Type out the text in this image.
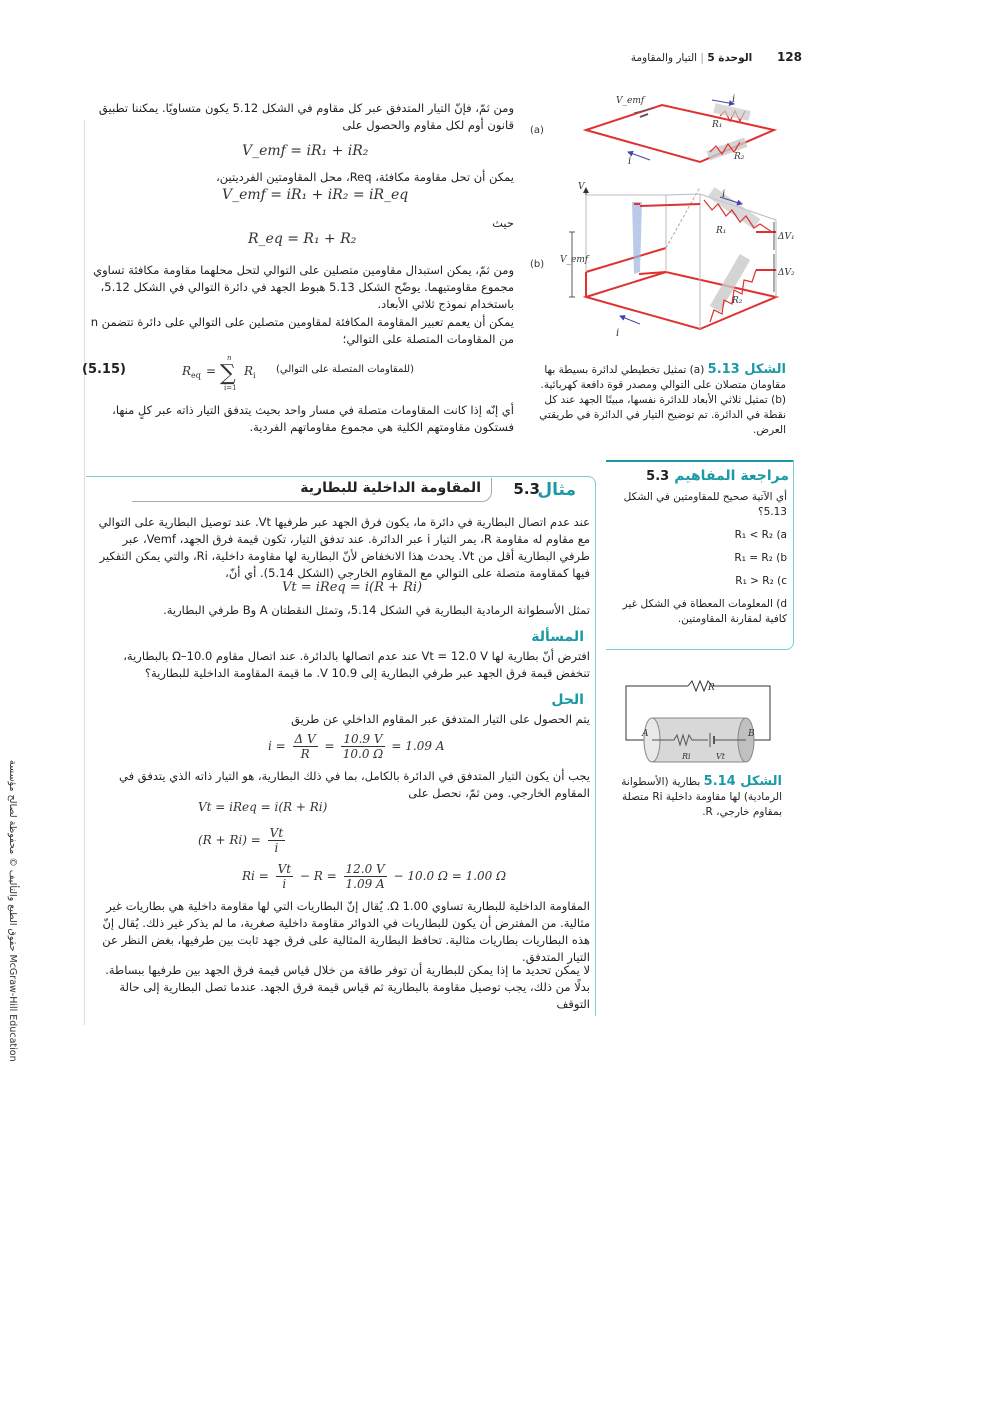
128  الوحدة 5 | التيار والمقاومة
حقوق الطبع والتأليف © محفوظة لصالح مؤسسة McGraw-Hill Education

ومن ثمّ، فإنّ التيار المتدفق عبر كل مقاوم في الشكل 5.12 يكون متساويًا. يمكننا تطبيق قانون أوم لكل مقاوم والحصول على

V_emf = iR₁ + iR₂
يمكن أن تحل مقاومة مكافئة، Req، محل المقاومتين الفرديتين،
V_emf = iR₁ + iR₂ = iR_eq
حيث
R_eq = R₁ + R₂
ومن ثمّ، يمكن استبدال مقاومين متصلين على التوالي لتحل محلهما مقاومة مكافئة تساوي مجموع مقاومتيهما. يوضّح الشكل 5.13 هبوط الجهد في دائرة التوالي في الشكل 5.12، باستخدام نموذج ثلاثي الأبعاد.
يمكن أن يعمم تعبير المقاومة المكافئة لمقاومين متصلين على التوالي على دائرة تتضمن n من المقاومات المتصلة على التوالي؛
(5.15)	R eq = ∑
n
i=1
R i
(للمقاومات المتصلة على التوالي)
أي إنّه إذا كانت المقاومات متصلة في مسار واحد بحيث يتدفق التيار ذاته عبر كلٍ منها، فستكون مقاومتهم الكلية هي مجموع مقاوماتهم الفردية.
(a)
(b)
V_emf	i
R₁
R₂
i
V
V_emf
i
R₁
R₂
i
ΔV₁
ΔV₂
الشكل 5.13 (a) تمثيل تخطيطي لدائرة بسيطة بها مقاومان متصلان على التوالي ومصدر قوة دافعة كهربائية. (b) تمثيل ثلاثي الأبعاد للدائرة نفسها، مبينًا الجهد عند كل نقطة في الدائرة. تم توضيح التيار في الدائرة في طريقتي العرض.
مراجعة المفاهيم 5.3

أي الآتية صحيح للمقاومتين في الشكل 5.13؟

R₁ < R₂ (a

R₁ = R₂ (b

R₁ > R₂ (c

d) المعلومات المعطاة في الشكل غير كافية لمقارنة المقاومتين.

مثال
5.3
المقاومة الداخلية للبطارية
عند عدم اتصال البطارية في دائرة ما، يكون فرق الجهد عبر طرفيها Vt. عند توصيل البطارية على التوالي مع مقاوم له مقاومة R، يمر التيار i عبر الدائرة. عند تدفق التيار، تكون قيمة فرق الجهد، Vemf، عبر طرفي البطارية أقل من Vt. يحدث هذا الانخفاض لأنّ البطارية لها مقاومة داخلية، Ri، والتي يمكن التفكير فيها كمقاومة متصلة على التوالي مع المقاوم الخارجي (الشكل 5.14). أي أنّ،
Vt = iReq = i(R + Ri)
تمثل الأسطوانة الرمادية البطارية في الشكل 5.14، وتمثل النقطتان A وB طرفي البطارية.
المسألة
افترض أنّ بطارية لها Vt = 12.0 V عند عدم اتصالها بالدائرة. عند اتصال مقاوم 10.0–Ω بالبطارية، تنخفض قيمة فرق الجهد عبر طرفي البطارية إلى 10.9 V. ما قيمة المقاومة الداخلية للبطارية؟
الحل
يتم الحصول على التيار المتدفق عبر المقاوم الداخلي عن طريق
$i = \frac{\text{Δ V}}{R} = \frac{10.9 V}{10.0 \Omega} = 1.09$ A
يجب أن يكون التيار المتدفق في الدائرة بالكامل، بما في ذلك البطارية، هو التيار ذاته الذي يتدفق في المقاوم الخارجي. ومن ثمّ، نحصل على
Vt = iReq = i(R + Ri)
$(R + Ri) = \frac{Vt}{i}$
$Ri = \frac{Vt}{i} - R = \frac{12.0 V}{1.09 A} - 10.0$ Ω = 1.00 Ω
المقاومة الداخلية للبطارية تساوي 1.00 Ω. يُقال إنّ البطاريات التي لها مقاومة داخلية هي بطاريات غير مثالية. من المفترض أن يكون للبطاريات في الدوائر مقاومة داخلية صغرية، ما لم يذكر غير ذلك. يُقال إنّ هذه البطاريات بطاريات مثالية. تحافظ البطارية المثالية على فرق جهد ثابت بين طرفيها، بغض النظر عن التيار المتدفق.
لا يمكن تحديد ما إذا يمكن للبطارية أن توفر طاقة من خلال قياس قيمة فرق الجهد بين طرفيها ببساطة. بدلًا من ذلك، يجب توصيل مقاومة بالبطارية ثم قياس قيمة فرق الجهد. عندما تصل البطارية إلى حالة التوقف
R
A	B
Ri	Vt
الشكل 5.14 بطارية (الأسطوانة الرمادية) لها مقاومة داخلية Ri متصلة بمقاوم خارجي، R.
